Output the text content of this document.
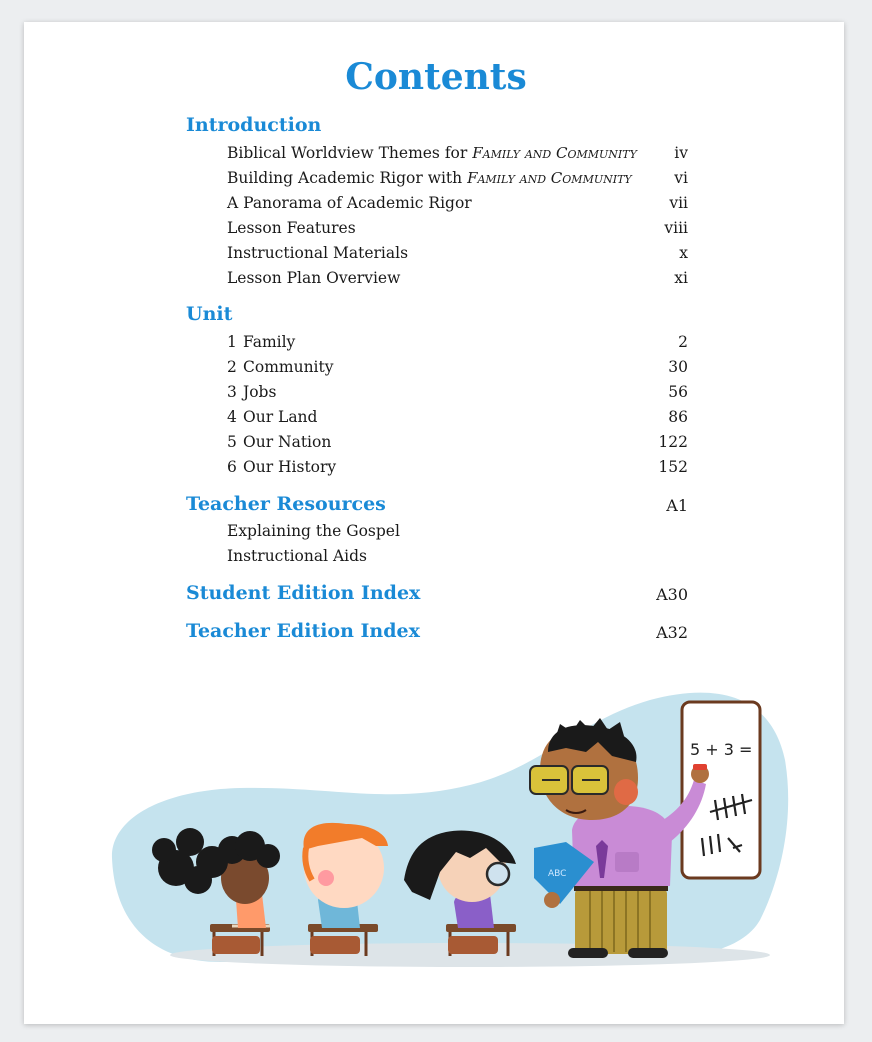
Contents
Introduction
Biblical Worldview Themes for Family and Community iv
Building Academic Rigor with Family and Community	vi
A Panorama of Academic Rigor	vii
Lesson Features	viii
Instructional Materials	x
Lesson Plan Overview	xi
Unit
1 Family	2
2 Community	30
3 Jobs	56
4 Our Land	86
5 Our Nation	122
6 Our History	152
Teacher Resources	A1
Explaining the Gospel
Instructional Aids
Student Edition Index	A30
Teacher Edition Index	A32
5 + 3 =
ABC
